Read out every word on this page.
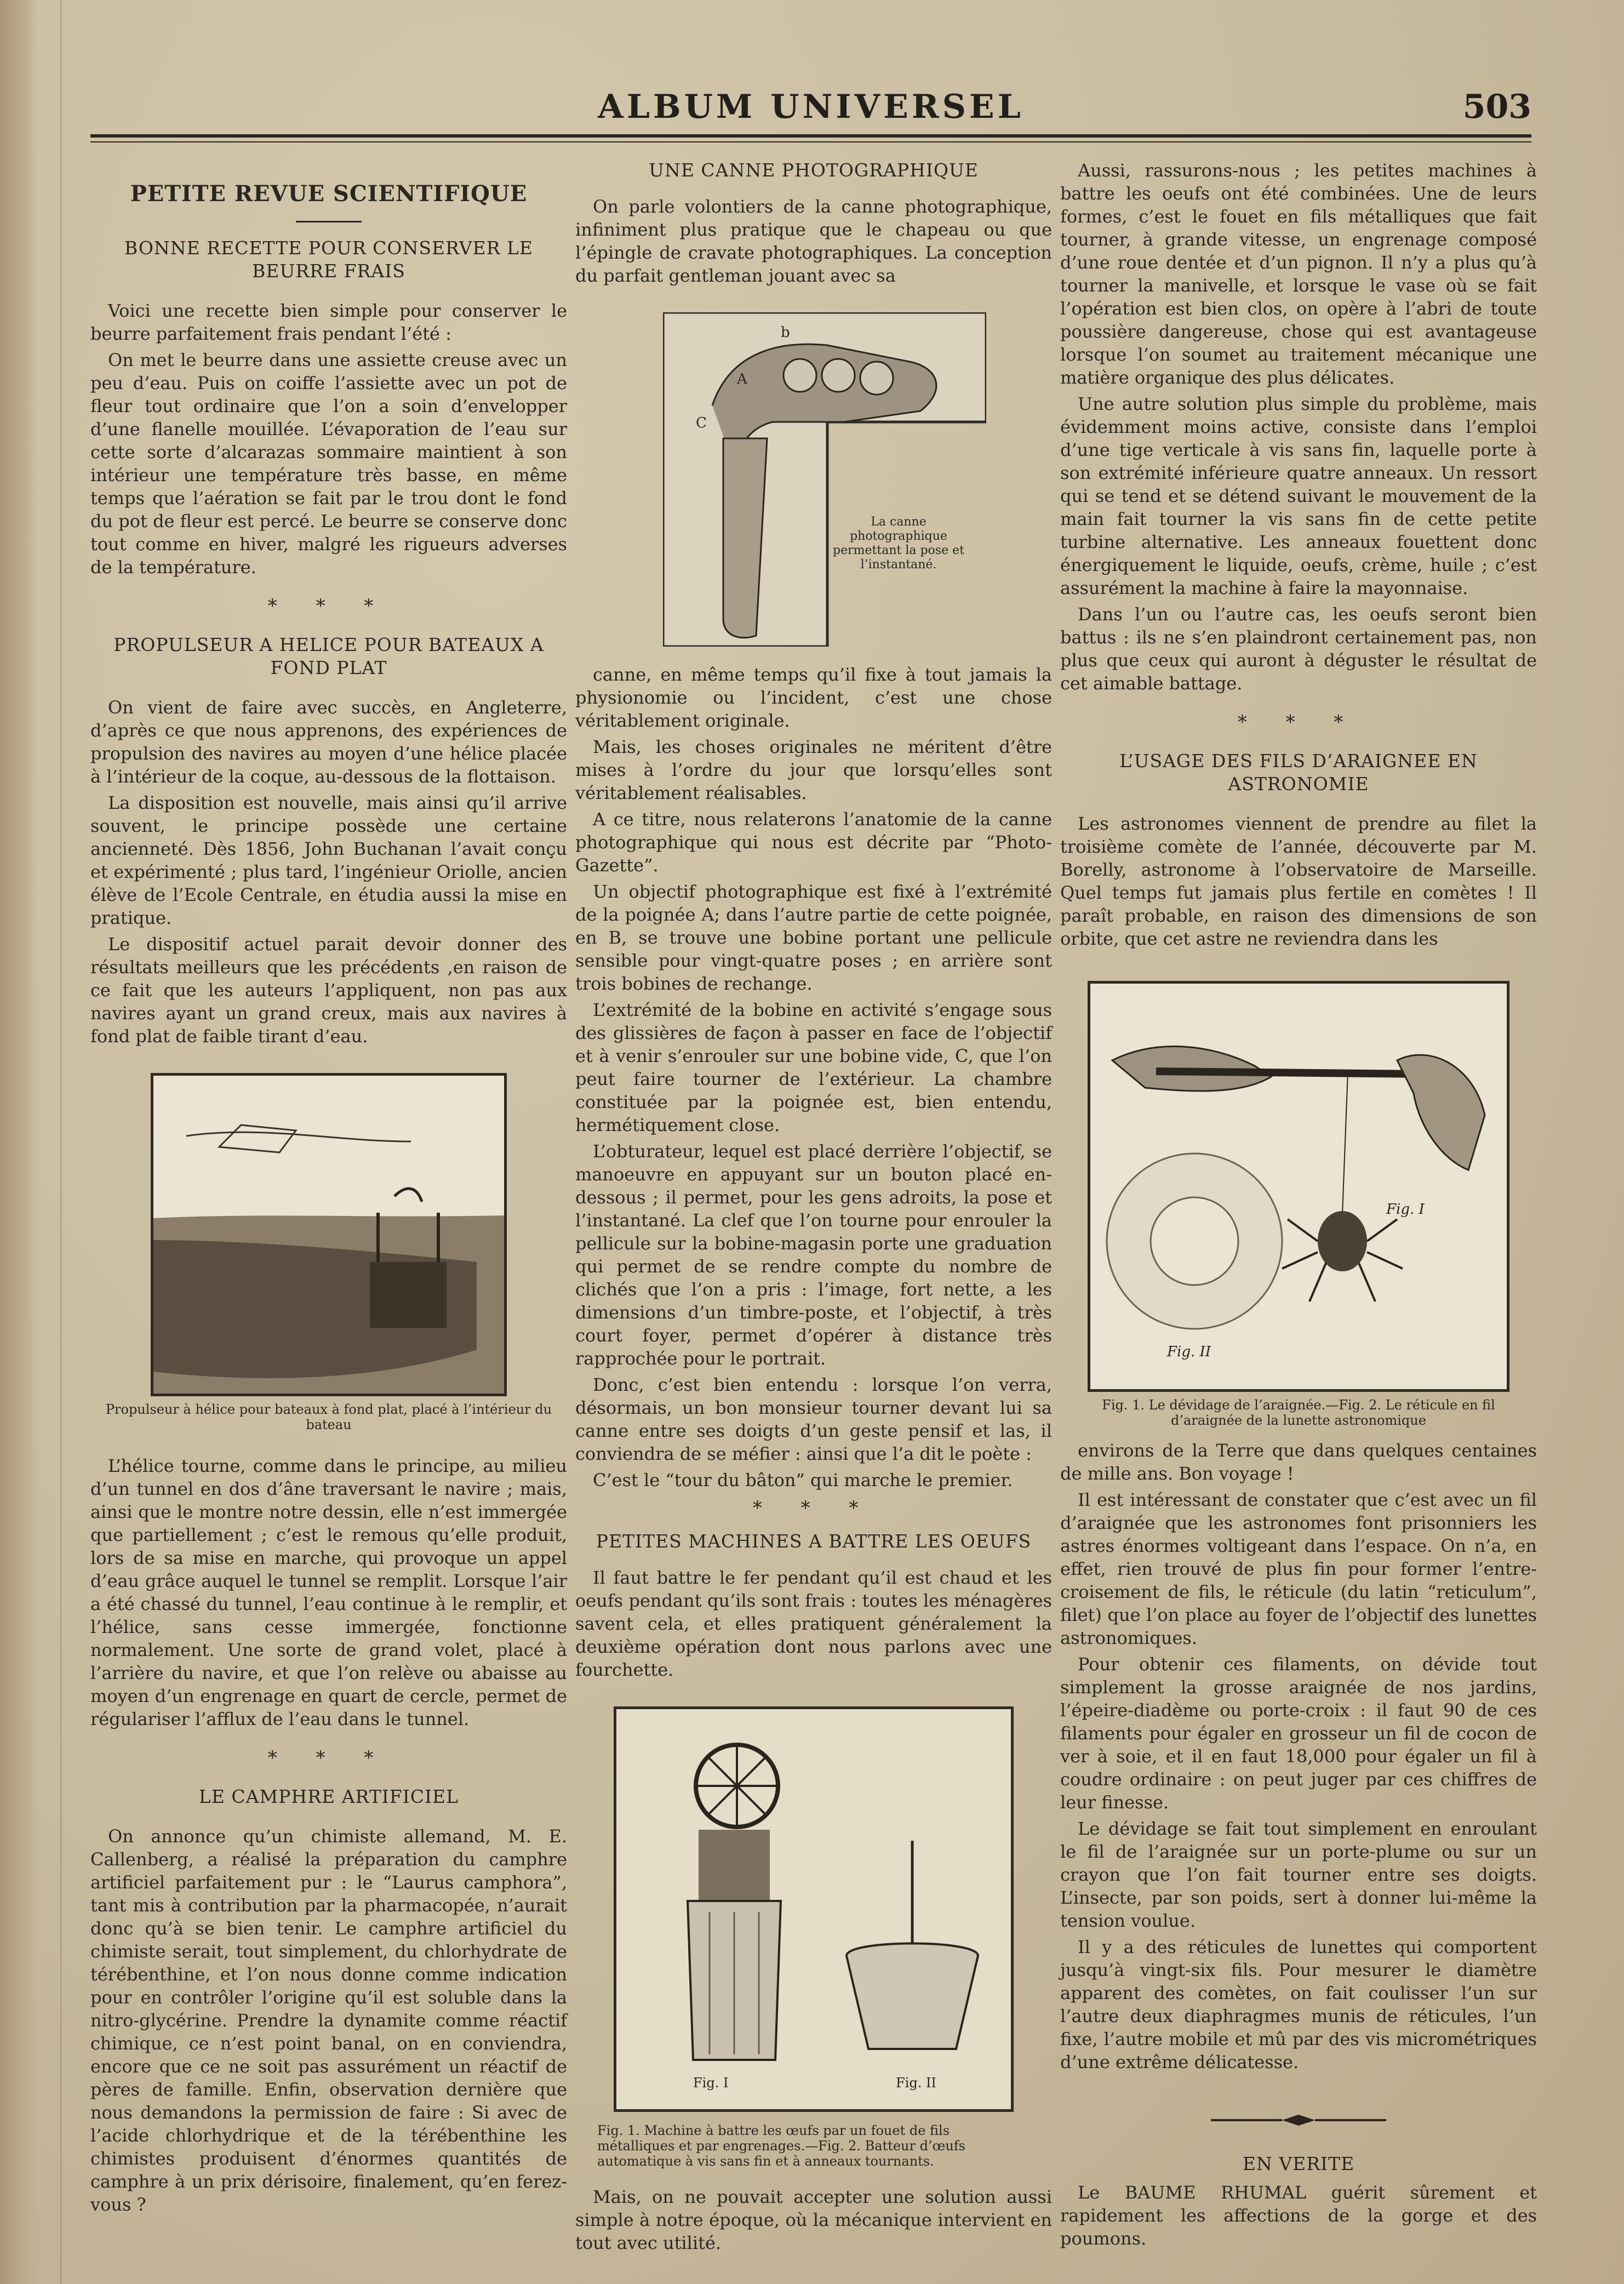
ALBUM UNIVERSEL	503
PETITE REVUE SCIENTIFIQUE
BONNE RECETTE POUR CONSERVER LE BEURRE FRAIS

Voici une recette bien simple pour conserver le beurre parfaitement frais pendant l’été :

On met le beurre dans une assiette creuse avec un peu d’eau. Puis on coiffe l’assiette avec un pot de fleur tout ordinaire que l’on a soin d’envelopper d’une flanelle mouillée. L’évaporation de l’eau sur cette sorte d’alcarazas sommaire maintient à son intérieur une température très basse, en même temps que l’aération se fait par le trou dont le fond du pot de fleur est percé. Le beurre se conserve donc tout comme en hiver, malgré les rigueurs adverses de la température.

* * *
PROPULSEUR A HELICE POUR BATEAUX A FOND PLAT

On vient de faire avec succès, en Angleterre, d’après ce que nous apprenons, des expériences de propulsion des navires au moyen d’une hélice placée à l’intérieur de la coque, au-dessous de la flottaison.

La disposition est nouvelle, mais ainsi qu’il arrive souvent, le principe possède une certaine ancienneté. Dès 1856, John Buchanan l’avait conçu et expérimenté ; plus tard, l’ingénieur Oriolle, ancien élève de l’Ecole Centrale, en étudia aussi la mise en pratique.

Le dispositif actuel parait devoir donner des résultats meilleurs que les précédents ,en raison de ce fait que les auteurs l’appliquent, non pas aux navires ayant un grand creux, mais aux navires à fond plat de faible tirant d’eau.

Propulseur à hélice pour bateaux à fond plat, placé à l’intérieur du bateau

L’hélice tourne, comme dans le principe, au milieu d’un tunnel en dos d’âne traversant le navire ; mais, ainsi que le montre notre dessin, elle n’est immergée que partiellement ; c’est le remous qu’elle produit, lors de sa mise en marche, qui provoque un appel d’eau grâce auquel le tunnel se remplit. Lorsque l’air a été chassé du tunnel, l’eau continue à le remplir, et l’hélice, sans cesse immergée, fonctionne normalement. Une sorte de grand volet, placé à l’arrière du navire, et que l’on relève ou abaisse au moyen d’un engrenage en quart de cercle, permet de régulariser l’afflux de l’eau dans le tunnel.

* * *
LE CAMPHRE ARTIFICIEL

On annonce qu’un chimiste allemand, M. E. Callenberg, a réalisé la préparation du camphre artificiel parfaitement pur : le “Laurus camphora”, tant mis à contribution par la pharmacopée, n’aurait donc qu’à se bien tenir. Le camphre artificiel du chimiste serait, tout simplement, du chlorhydrate de térébenthine, et l’on nous donne comme indication pour en contrôler l’origine qu’il est soluble dans la nitro-glycérine. Prendre la dynamite comme réactif chimique, ce n’est point banal, on en conviendra, encore que ce ne soit pas assurément un réactif de pères de famille. Enfin, observation dernière que nous demandons la permission de faire : Si avec de l’acide chlorhydrique et de la térébenthine les chimistes produisent d’énormes quantités de camphre à un prix dérisoire, finalement, qu’en ferez-vous ?

UNE CANNE PHOTOGRAPHIQUE

On parle volontiers de la canne photographique, infiniment plus pratique que le chapeau ou que l’épingle de cravate photographiques. La conception du parfait gentleman jouant avec sa

A
b
C
La canne photographique permettant la pose et l’instantané.

canne, en même temps qu’il fixe à tout jamais la physionomie ou l’incident, c’est une chose véritablement originale.

Mais, les choses originales ne méritent d’être mises à l’ordre du jour que lorsqu’elles sont véritablement réalisables.

A ce titre, nous relaterons l’anatomie de la canne photographique qui nous est décrite par “Photo-Gazette”.

Un objectif photographique est fixé à l’extrémité de la poignée A; dans l’autre partie de cette poignée, en B, se trouve une bobine portant une pellicule sensible pour vingt-quatre poses ; en arrière sont trois bobines de rechange.

L’extrémité de la bobine en activité s’engage sous des glissières de façon à passer en face de l’objectif et à venir s’enrouler sur une bobine vide, C, que l’on peut faire tourner de l’extérieur. La chambre constituée par la poignée est, bien entendu, hermétiquement close.

L’obturateur, lequel est placé derrière l’objectif, se manoeuvre en appuyant sur un bouton placé en-dessous ; il permet, pour les gens adroits, la pose et l’instantané. La clef que l’on tourne pour enrouler la pellicule sur la bobine-magasin porte une graduation qui permet de se rendre compte du nombre de clichés que l’on a pris : l’image, fort nette, a les dimensions d’un timbre-poste, et l’objectif, à très court foyer, permet d’opérer à distance très rapprochée pour le portrait.

Donc, c’est bien entendu : lorsque l’on verra, désormais, un bon monsieur tourner devant lui sa canne entre ses doigts d’un geste pensif et las, il conviendra de se méfier : ainsi que l’a dit le poète :

C’est le “tour du bâton” qui marche le premier.

* * *
PETITES MACHINES A BATTRE LES OEUFS

Il faut battre le fer pendant qu’il est chaud et les oeufs pendant qu’ils sont frais : toutes les ménagères savent cela, et elles pratiquent généralement la deuxième opération dont nous parlons avec une fourchette.

Fig. I	Fig. II
Fig. 1. Machine à battre les œufs par un fouet de fils métalliques et par engrenages.—Fig. 2. Batteur d’œufs automatique à vis sans fin et à anneaux tournants.

Mais, on ne pouvait accepter une solution aussi simple à notre époque, où la mécanique intervient en tout avec utilité.

Aussi, rassurons-nous ; les petites machines à battre les oeufs ont été combinées. Une de leurs formes, c’est le fouet en fils métalliques que fait tourner, à grande vitesse, un engrenage composé d’une roue dentée et d’un pignon. Il n’y a plus qu’à tourner la manivelle, et lorsque le vase où se fait l’opération est bien clos, on opère à l’abri de toute poussière dangereuse, chose qui est avantageuse lorsque l’on soumet au traitement mécanique une matière organique des plus délicates.

Une autre solution plus simple du problème, mais évidemment moins active, consiste dans l’emploi d’une tige verticale à vis sans fin, laquelle porte à son extrémité inférieure quatre anneaux. Un ressort qui se tend et se détend suivant le mouvement de la main fait tourner la vis sans fin de cette petite turbine alternative. Les anneaux fouettent donc énergiquement le liquide, oeufs, crème, huile ; c’est assurément la machine à faire la mayonnaise.

Dans l’un ou l’autre cas, les oeufs seront bien battus : ils ne s’en plaindront certainement pas, non plus que ceux qui auront à déguster le résultat de cet aimable battage.

* * *
L’USAGE DES FILS D’ARAIGNEE EN ASTRONOMIE

Les astronomes viennent de prendre au filet la troisième comète de l’année, découverte par M. Borelly, astronome à l’observatoire de Marseille. Quel temps fut jamais plus fertile en comètes ! Il paraît probable, en raison des dimensions de son orbite, que cet astre ne reviendra dans les

Fig. I
Fig. II
Fig. 1. Le dévidage de l’araignée.—Fig. 2. Le réticule en fil d’araignée de la lunette astronomique

environs de la Terre que dans quelques centaines de mille ans. Bon voyage !

Il est intéressant de constater que c’est avec un fil d’araignée que les astronomes font prisonniers les astres énormes voltigeant dans l’espace. On n’a, en effet, rien trouvé de plus fin pour former l’entre-croisement de fils, le réticule (du latin “reticulum”, filet) que l’on place au foyer de l’objectif des lunettes astronomiques.

Pour obtenir ces filaments, on dévide tout simplement la grosse araignée de nos jardins, l’épeire-diadème ou porte-croix : il faut 90 de ces filaments pour égaler en grosseur un fil de cocon de ver à soie, et il en faut 18,000 pour égaler un fil à coudre ordinaire : on peut juger par ces chiffres de leur finesse.

Le dévidage se fait tout simplement en enroulant le fil de l’araignée sur un porte-plume ou sur un crayon que l’on fait tourner entre ses doigts. L’insecte, par son poids, sert à donner lui-même la tension voulue.

Il y a des réticules de lunettes qui comportent jusqu’à vingt-six fils. Pour mesurer le diamètre apparent des comètes, on fait coulisser l’un sur l’autre deux diaphragmes munis de réticules, l’un fixe, l’autre mobile et mû par des vis micrométriques d’une extrême délicatesse.

EN VERITE

Le BAUME RHUMAL guérit sûrement et rapidement les affections de la gorge et des poumons.
